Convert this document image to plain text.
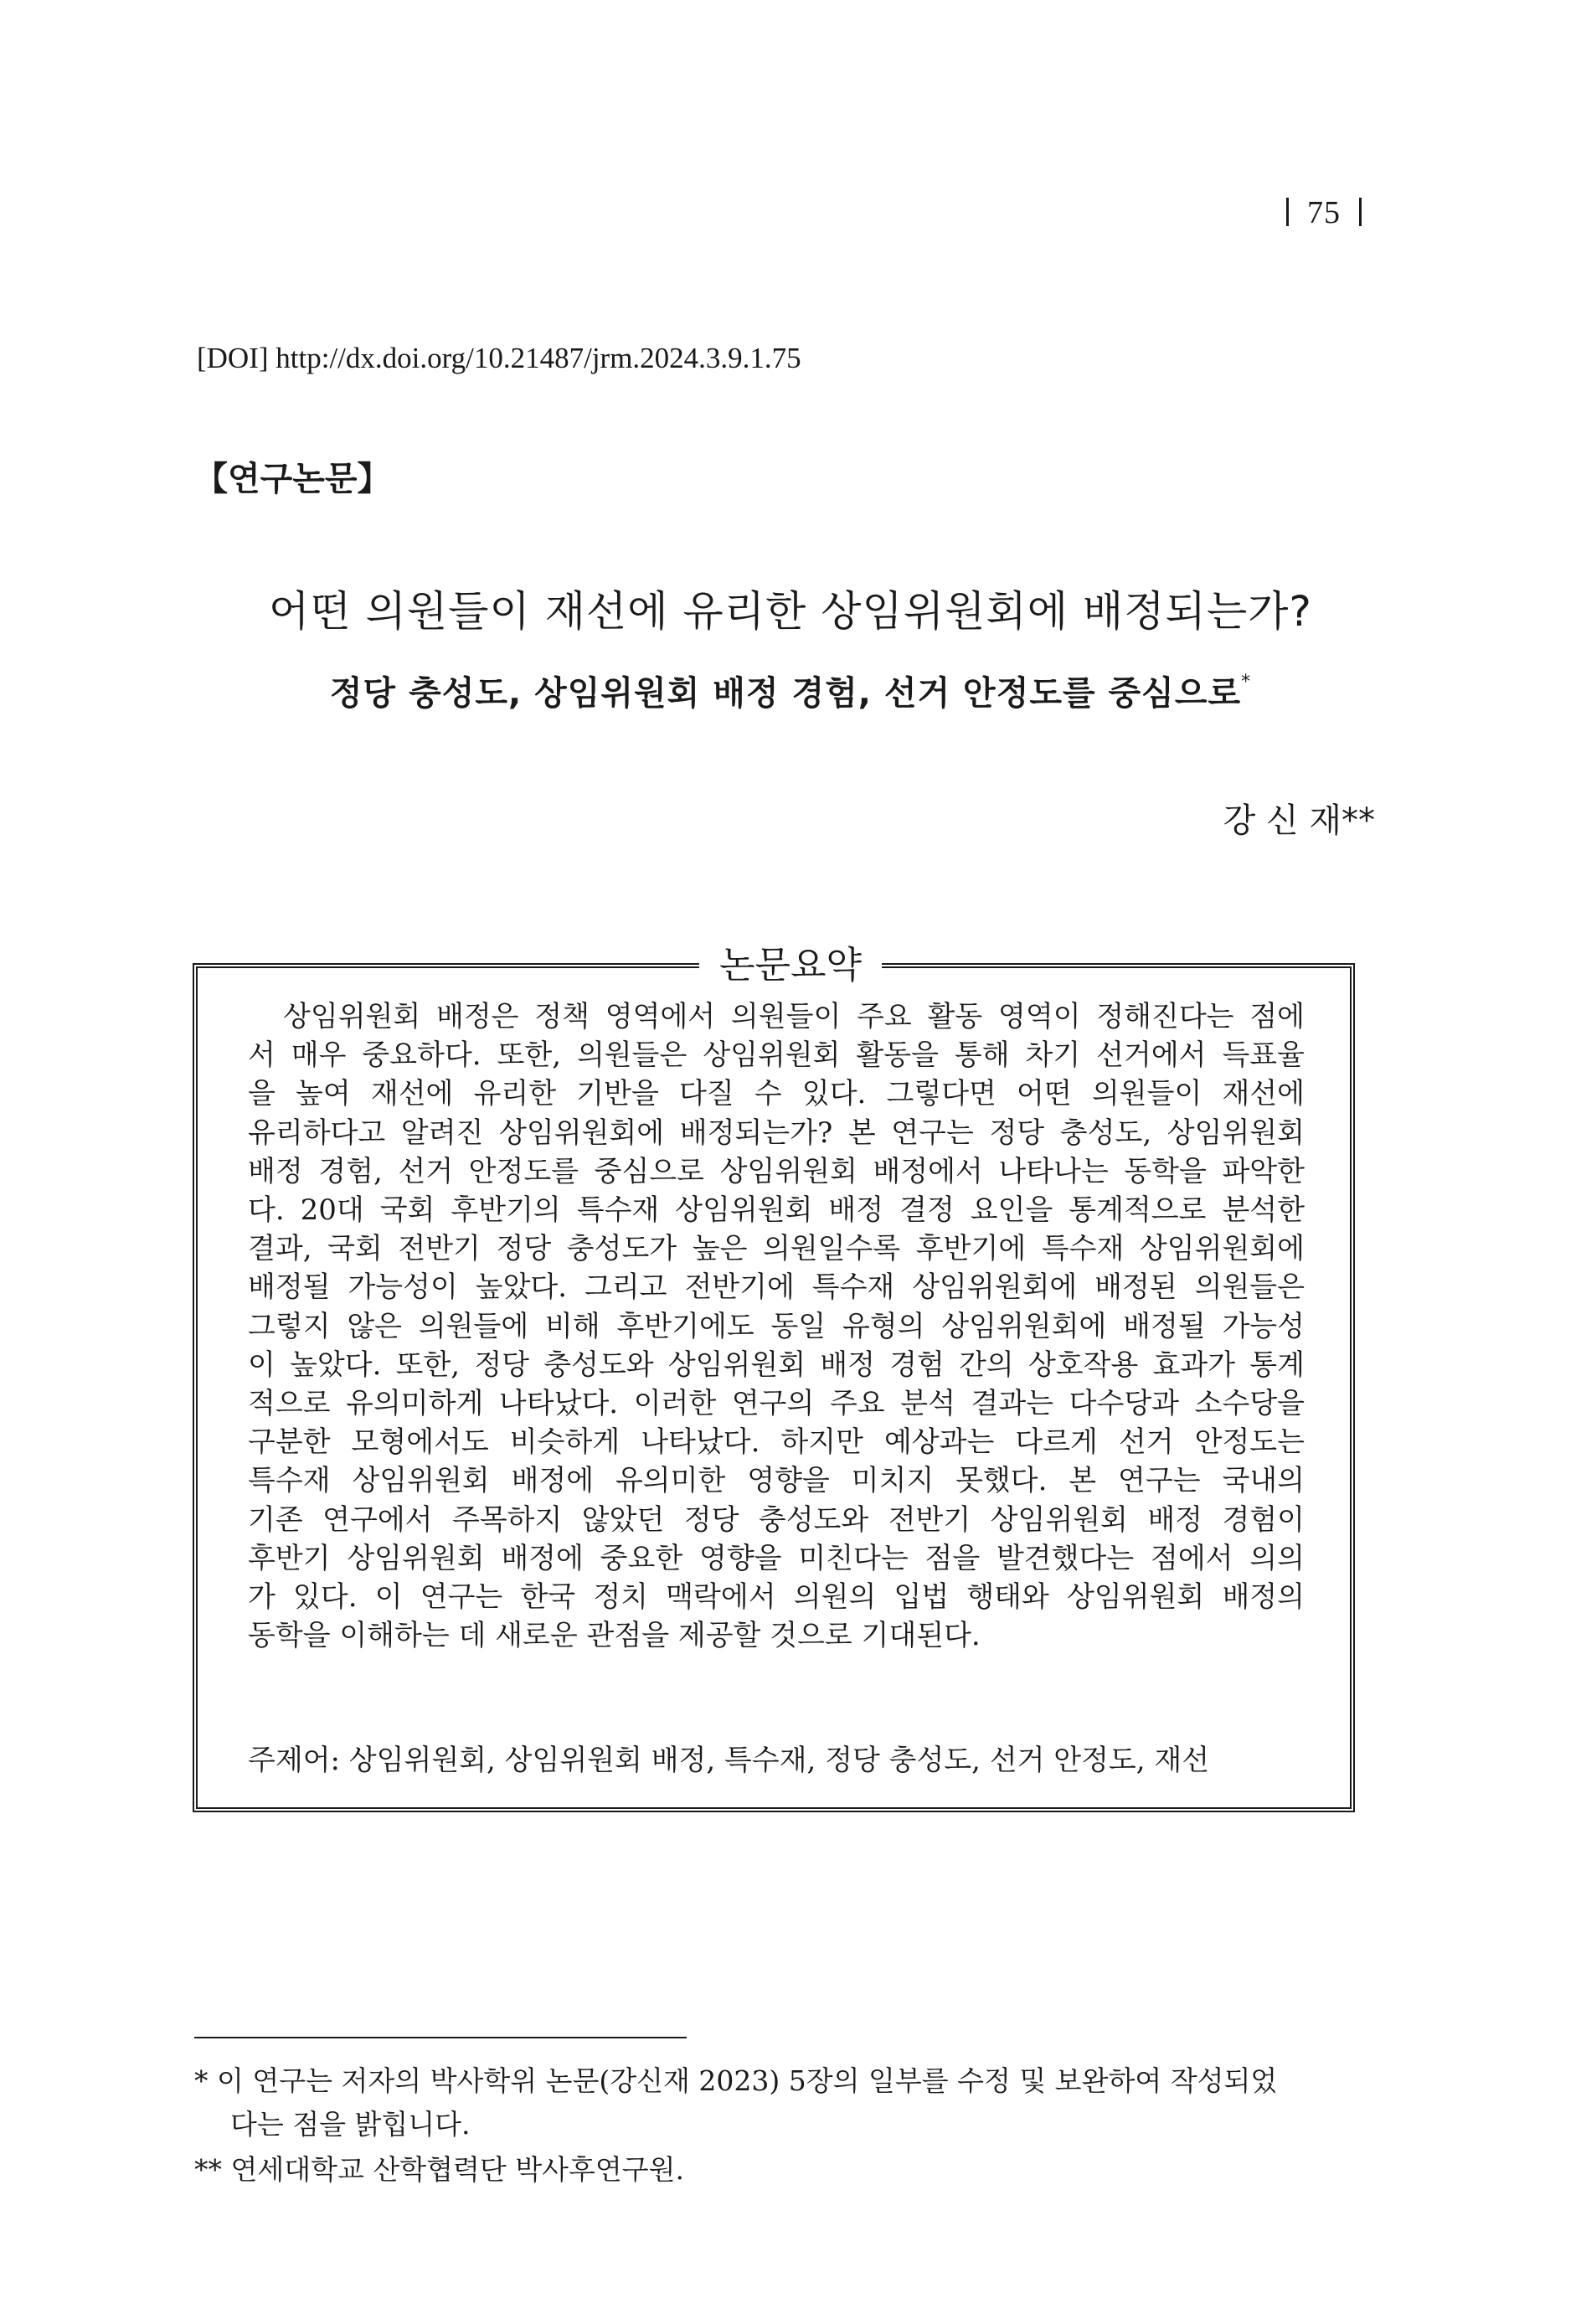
75
[DOI] http://dx.doi.org/10.21487/jrm.2024.3.9.1.75
【연구논문】
어떤 의원들이 재선에 유리한 상임위원회에 배정되는가?
정당 충성도, 상임위원회 배정 경험, 선거 안정도를 중심으로*
강 신 재**
논문요약
상임위원회 배정은 정책 영역에서 의원들이 주요 활동 영역이 정해진다는 점에
서 매우 중요하다. 또한, 의원들은 상임위원회 활동을 통해 차기 선거에서 득표율
을 높여 재선에 유리한 기반을 다질 수 있다. 그렇다면 어떤 의원들이 재선에
유리하다고 알려진 상임위원회에 배정되는가? 본 연구는 정당 충성도, 상임위원회
배정 경험, 선거 안정도를 중심으로 상임위원회 배정에서 나타나는 동학을 파악한
다. 20대 국회 후반기의 특수재 상임위원회 배정 결정 요인을 통계적으로 분석한
결과, 국회 전반기 정당 충성도가 높은 의원일수록 후반기에 특수재 상임위원회에
배정될 가능성이 높았다. 그리고 전반기에 특수재 상임위원회에 배정된 의원들은
그렇지 않은 의원들에 비해 후반기에도 동일 유형의 상임위원회에 배정될 가능성
이 높았다. 또한, 정당 충성도와 상임위원회 배정 경험 간의 상호작용 효과가 통계
적으로 유의미하게 나타났다. 이러한 연구의 주요 분석 결과는 다수당과 소수당을
구분한 모형에서도 비슷하게 나타났다. 하지만 예상과는 다르게 선거 안정도는
특수재 상임위원회 배정에 유의미한 영향을 미치지 못했다. 본 연구는 국내의
기존 연구에서 주목하지 않았던 정당 충성도와 전반기 상임위원회 배정 경험이
후반기 상임위원회 배정에 중요한 영향을 미친다는 점을 발견했다는 점에서 의의
가 있다. 이 연구는 한국 정치 맥락에서 의원의 입법 행태와 상임위원회 배정의
동학을 이해하는 데 새로운 관점을 제공할 것으로 기대된다.
주제어: 상임위원회, 상임위원회 배정, 특수재, 정당 충성도, 선거 안정도, 재선
* 이 연구는 저자의 박사학위 논문(강신재 2023) 5장의 일부를 수정 및 보완하여 작성되었
다는 점을 밝힙니다.
** 연세대학교 산학협력단 박사후연구원.
